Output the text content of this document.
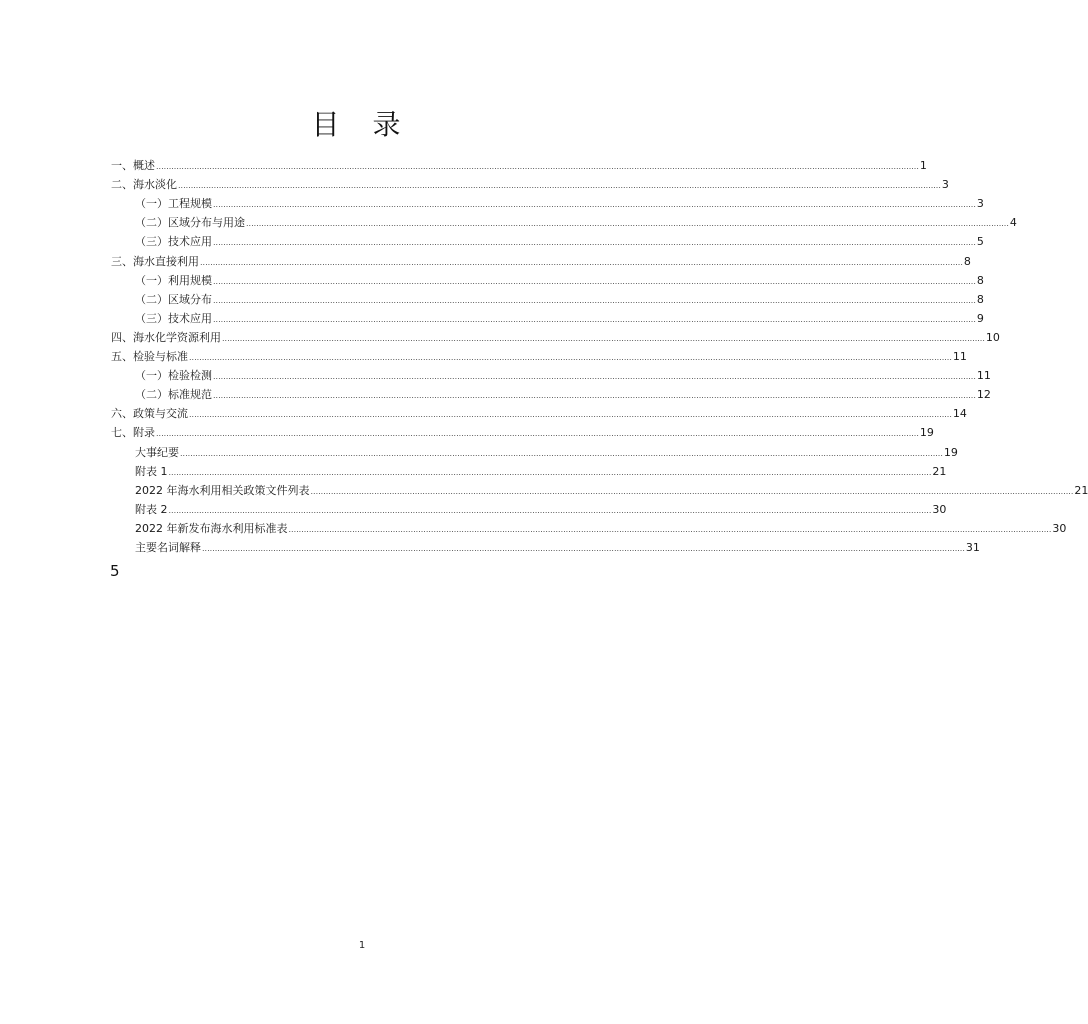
目 录
一、概述 ............................................................................................................................................................................................................................................................................................................ 1
二、海水淡化 ............................................................................................................................................................................................................................................................................................................ 3
（一）工程规模 ............................................................................................................................................................................................................................................................................................................ 3
（二）区域分布与用途 ............................................................................................................................................................................................................................................................................................................ 4
（三）技术应用 ............................................................................................................................................................................................................................................................................................................ 5
三、海水直接利用 ............................................................................................................................................................................................................................................................................................................ 8
（一）利用规模 ............................................................................................................................................................................................................................................................................................................ 8
（二）区域分布 ............................................................................................................................................................................................................................................................................................................ 8
（三）技术应用 ............................................................................................................................................................................................................................................................................................................ 9
四、海水化学资源利用 ............................................................................................................................................................................................................................................................................................................ 10
五、检验与标准 ............................................................................................................................................................................................................................................................................................................ 11
（一）检验检测 ............................................................................................................................................................................................................................................................................................................ 11
（二）标准规范 ............................................................................................................................................................................................................................................................................................................ 12
六、政策与交流 ............................................................................................................................................................................................................................................................................................................ 14
七、附录 ............................................................................................................................................................................................................................................................................................................ 19
大事纪要 ............................................................................................................................................................................................................................................................................................................ 19
附表 1 ............................................................................................................................................................................................................................................................................................................ 21
2022 年海水利用相关政策文件列表 ............................................................................................................................................................................................................................................................................................................ 21
附表 2 ............................................................................................................................................................................................................................................................................................................ 30
2022 年新发布海水利用标准表 ............................................................................................................................................................................................................................................................................................................ 30
主要名词解释 ............................................................................................................................................................................................................................................................................................................ 31
5
1
